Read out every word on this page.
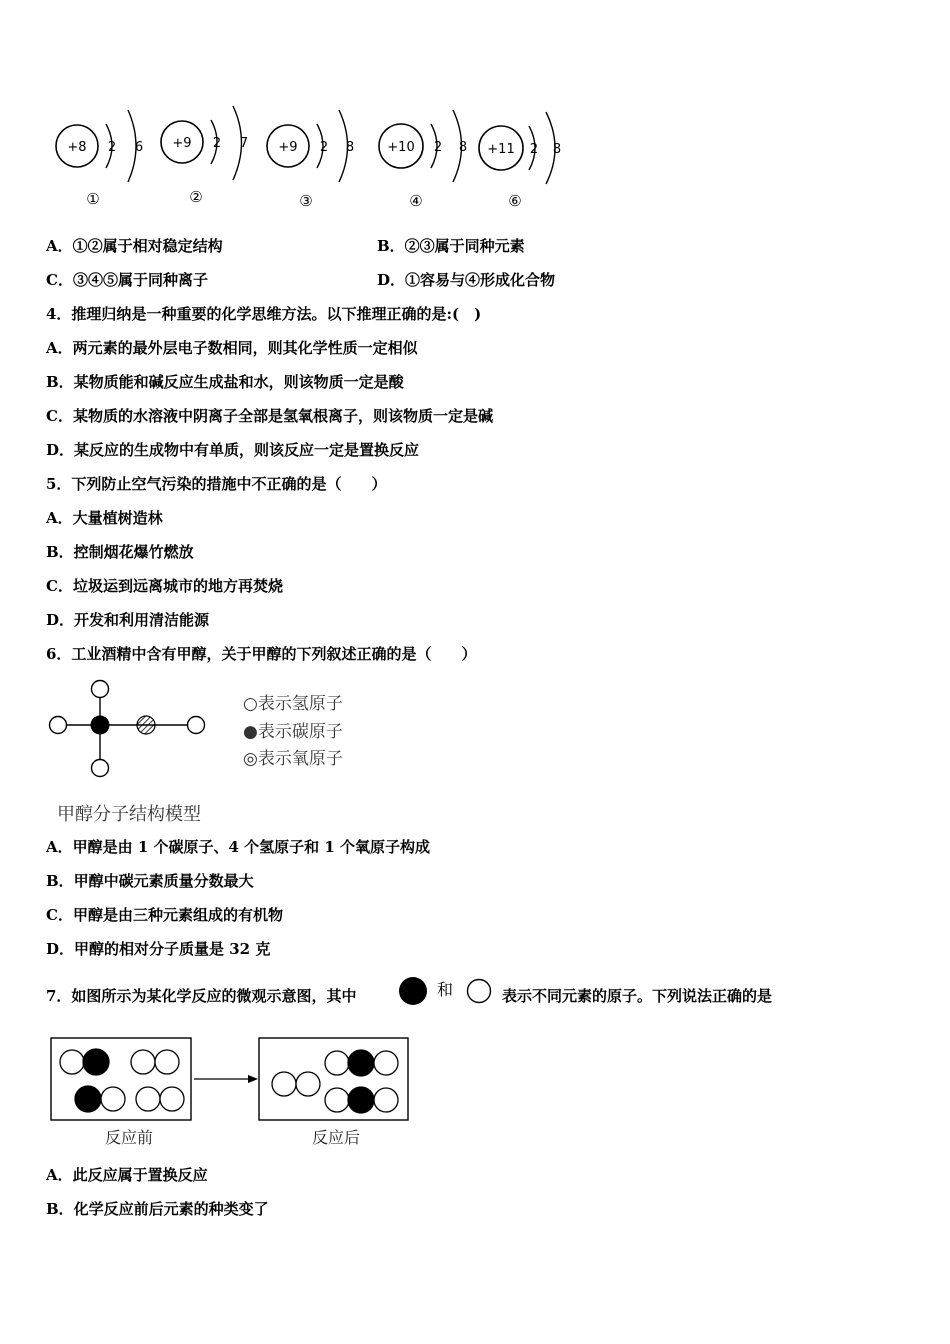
+8 2 6
①
+9 2 7
②
+9 2 8
③
+10 2 8
④
+11 2 8
⑥
A．①②属于相对稳定结构	B．②③属于同种元素
C．③④⑤属于同种离子	D．①容易与④形成化合物
4．推理归纳是一种重要的化学思维方法。以下推理正确的是:(　)
A．两元素的最外层电子数相同，则其化学性质一定相似
B．某物质能和碱反应生成盐和水，则该物质一定是酸
C．某物质的水溶液中阴离子全部是氢氧根离子，则该物质一定是碱
D．某反应的生成物中有单质，则该反应一定是置换反应
5．下列防止空气污染的措施中不正确的是（　　）
A．大量植树造林
B．控制烟花爆竹燃放
C．垃圾运到远离城市的地方再焚烧
D．开发和利用清洁能源
6．工业酒精中含有甲醇，关于甲醇的下列叙述正确的是（　　）
○表示氢原子
●表示碳原子
◎表示氧原子
甲醇分子结构模型
A．甲醇是由 1 个碳原子、4 个氢原子和 1 个氧原子构成
B．甲醇中碳元素质量分数最大
C．甲醇是由三种元素组成的有机物
D．甲醇的相对分子质量是 32 克
7．如图所示为某化学反应的微观示意图，其中	和	表示不同元素的原子。下列说法正确的是
反应前	反应后
A．此反应属于置换反应
B．化学反应前后元素的种类变了
